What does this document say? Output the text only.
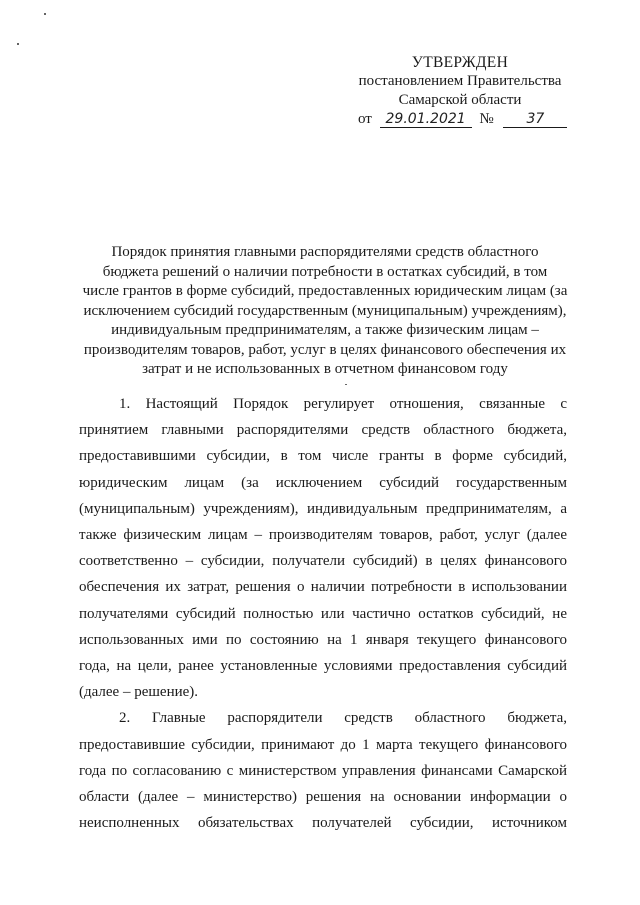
УТВЕРЖДЕН
постановлением Правительства
Самарской области
от 29.01.2021 № 37
Порядок принятия главными распорядителями средств областного
бюджета решений о наличии потребности в остатках субсидий, в том
числе грантов в форме субсидий, предоставленных юридическим лицам (за
исключением субсидий государственным (муниципальным) учреждениям),
индивидуальным предпринимателям, а также физическим лицам –
производителям товаров, работ, услуг в целях финансового обеспечения их
затрат и не использованных в отчетном финансовом году
1. Настоящий Порядок регулирует отношения, связанные с
принятием главными распорядителями средств областного бюджета,
предоставившими субсидии, в том числе гранты в форме субсидий,
юридическим лицам (за исключением субсидий государственным
(муниципальным) учреждениям), индивидуальным предпринимателям, а
также физическим лицам – производителям товаров, работ, услуг (далее
соответственно – субсидии, получатели субсидий) в целях финансового
обеспечения их затрат, решения о наличии потребности в использовании
получателями субсидий полностью или частично остатков субсидий, не
использованных ими по состоянию на 1 января текущего финансового
года, на цели, ранее установленные условиями предоставления субсидий
(далее – решение).
2. Главные распорядители средств областного бюджета,
предоставившие субсидии, принимают до 1 марта текущего финансового
года по согласованию с министерством управления финансами Самарской
области (далее – министерство) решения на основании информации о
неисполненных обязательствах получателей субсидии, источником
